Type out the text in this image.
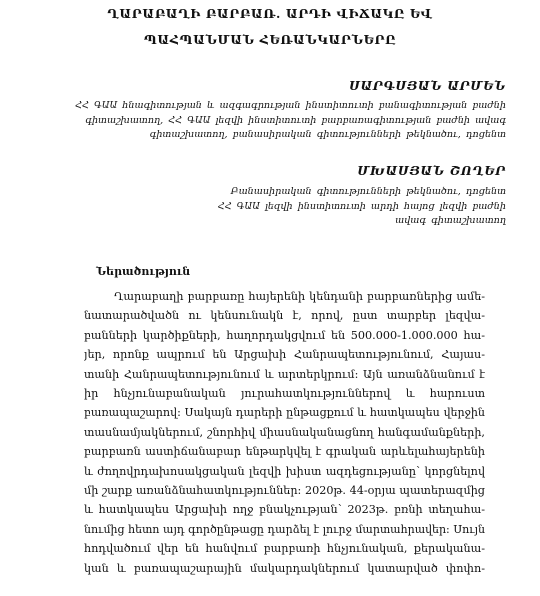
ՂԱՐԱԲԱՂԻ ԲԱՐԲԱՌ. ԱՐԴԻ ՎԻՃԱԿԸ ԵՎ
ՊԱՀՊԱՆՄԱՆ ՀԵՌԱՆԿԱՐՆԵՐԸ
ՍԱՐԳՍՅԱՆ ԱՐՄԵՆ
ՀՀ ԳԱԱ հնագիտության և ազգագրության ինստիտուտի բանագիտության բաժնի
գիտաշխատող, ՀՀ ԳԱԱ լեզվի ինստիտուտի բարբառագիտության բաժնի ավագ
գիտաշխատող, բանասիրական գիտությունների թեկնածու, դոցենտ
ՄԽԱՍՅԱՆ ՇՈՂԵՐ
Բանասիրական գիտությունների թեկնածու, դոցենտ
ՀՀ ԳԱԱ լեզվի ինստիտուտի արդի հայոց լեզվի բաժնի
ավագ գիտաշխատող
Ներածություն
Ղարաբաղի բարբառը հայերենի կենդանի բարբառներից ամե-
նատարածվածն ու կենսունակն է, որով, ըստ տարբեր լեզվա-
բանների կարծիքների, հաղորդակցվում են 500.000-1.000.000 հա-
յեր, որոնք ապրում են Արցախի Հանրապետությունում, Հայաս-
տանի Հանրապետությունում և արտերկրում: Այն առանձնանում է
իր հնչյունաբանական յուրահատկություններով և հարուստ
բառապաշարով: Սակայն դարերի ընթացքում և հատկապես վերջին
տասնամյակներում, շնորհիվ միասնականացնող հանգամանքների,
բարբառն աստիճանաբար ենթարկվել է գրական արևելահայերենի
և ժողովրդախոսակցական լեզվի խիստ ազդեցությանը՝ կորցնելով
մի շարք առանձնահատկություններ: 2020թ. 44-օրյա պատերազմից
և հատկապես Արցախի ողջ բնակչության՝ 2023թ. բռնի տեղահա-
նումից հետո այդ գործընթացը դարձել է լուրջ մարտահրավեր: Սույն
հոդվածում վեր են հանվում բարբառի հնչյունական, քերականա-
կան և բառապաշարային մակարդակներում կատարված փոփո-
